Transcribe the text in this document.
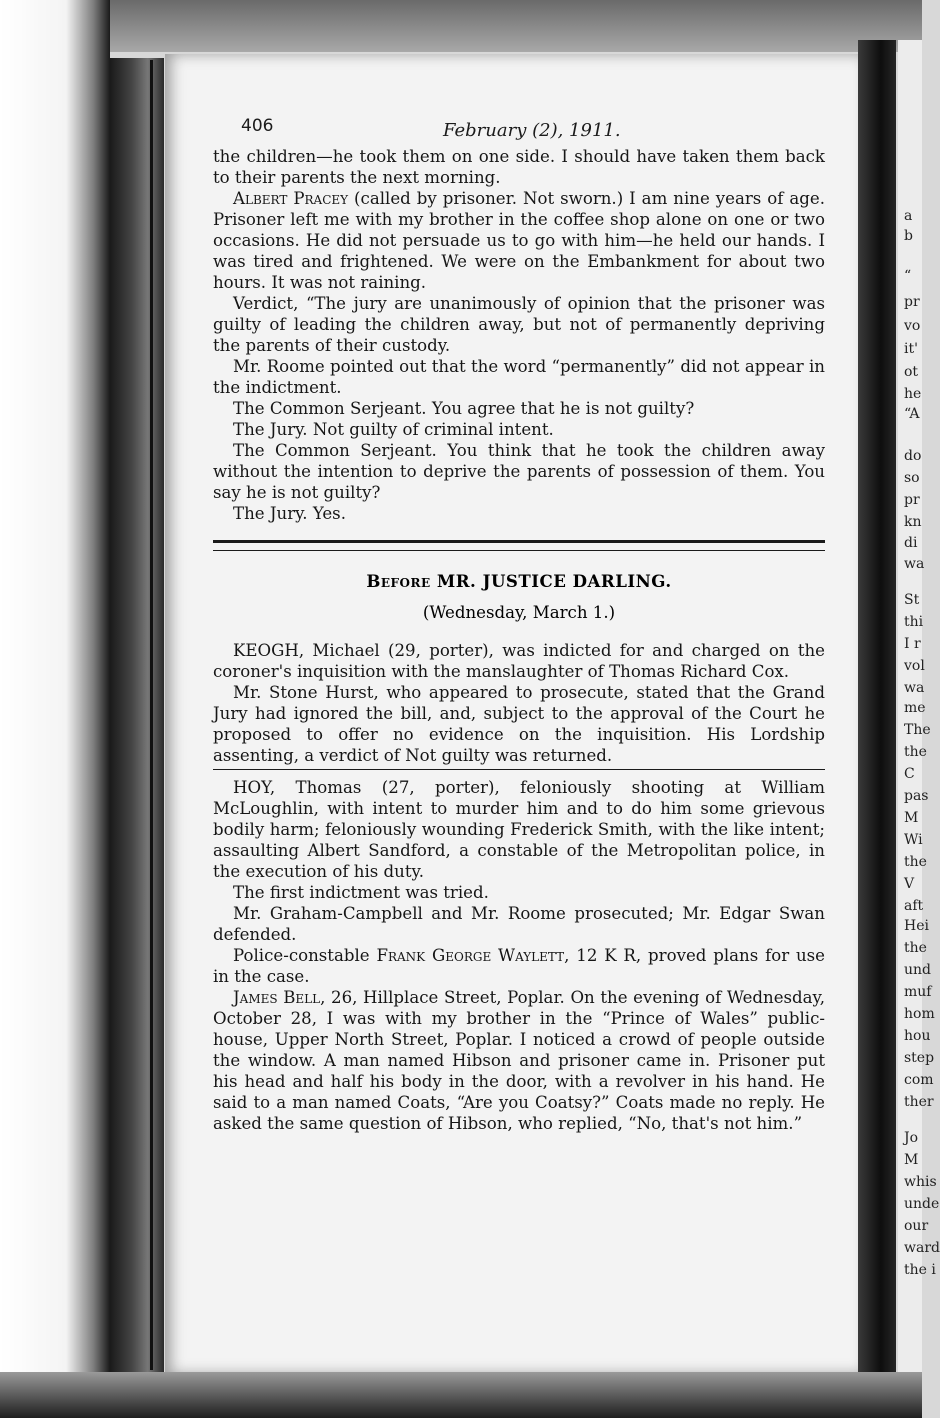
406	February (2), 1911.

the children—he took them on one side. I should have taken them back to their parents the next morning.

Albert Pracey (called by prisoner. Not sworn.) I am nine years of age. Prisoner left me with my brother in the coffee shop alone on one or two occasions. He did not persuade us to go with him—he held our hands. I was tired and frightened. We were on the Embankment for about two hours. It was not raining.

Verdict, “The jury are unanimously of opinion that the prisoner was guilty of leading the children away, but not of permanently depriving the parents of their custody.

Mr. Roome pointed out that the word “permanently” did not appear in the indictment.

The Common Serjeant. You agree that he is not guilty?

The Jury. Not guilty of criminal intent.

The Common Serjeant. You think that he took the children away without the intention to deprive the parents of possession of them. You say he is not guilty?

The Jury. Yes.

Before MR. JUSTICE DARLING.
(Wednesday, March 1.)

KEOGH, Michael (29, porter), was indicted for and charged on the coroner's inquisition with the manslaughter of Thomas Richard Cox.

Mr. Stone Hurst, who appeared to prosecute, stated that the Grand Jury had ignored the bill, and, subject to the approval of the Court he proposed to offer no evidence on the inquisition. His Lordship assenting, a verdict of Not guilty was returned.

HOY, Thomas (27, porter), feloniously shooting at William McLoughlin, with intent to murder him and to do him some grievous bodily harm; feloniously wounding Frederick Smith, with the like intent; assaulting Albert Sandford, a constable of the Metropolitan police, in the execution of his duty.

The first indictment was tried.

Mr. Graham-Campbell and Mr. Roome prosecuted; Mr. Edgar Swan defended.

Police-constable Frank George Waylett, 12 K R, proved plans for use in the case.

James Bell, 26, Hillplace Street, Poplar. On the evening of Wednesday, October 28, I was with my brother in the “Prince of Wales” public-house, Upper North Street, Poplar. I noticed a crowd of people outside the window. A man named Hibson and prisoner came in. Prisoner put his head and half his body in the door, with a revolver in his hand. He said to a man named Coats, “Are you Coatsy?” Coats made no reply. He asked the same question of Hibson, who replied, “No, that's not him.”

a
b
“
pr
vo
it'
ot
he
“A
do
so
pr
kn
di
wa
St
thi
I r
vol
wa
me
The
the
C
pas
M
Wi
the
V
aft
Hei
the
und
muf
hom
hou
step
com
ther
Jo
M
whis
unde
our
ward
the i
